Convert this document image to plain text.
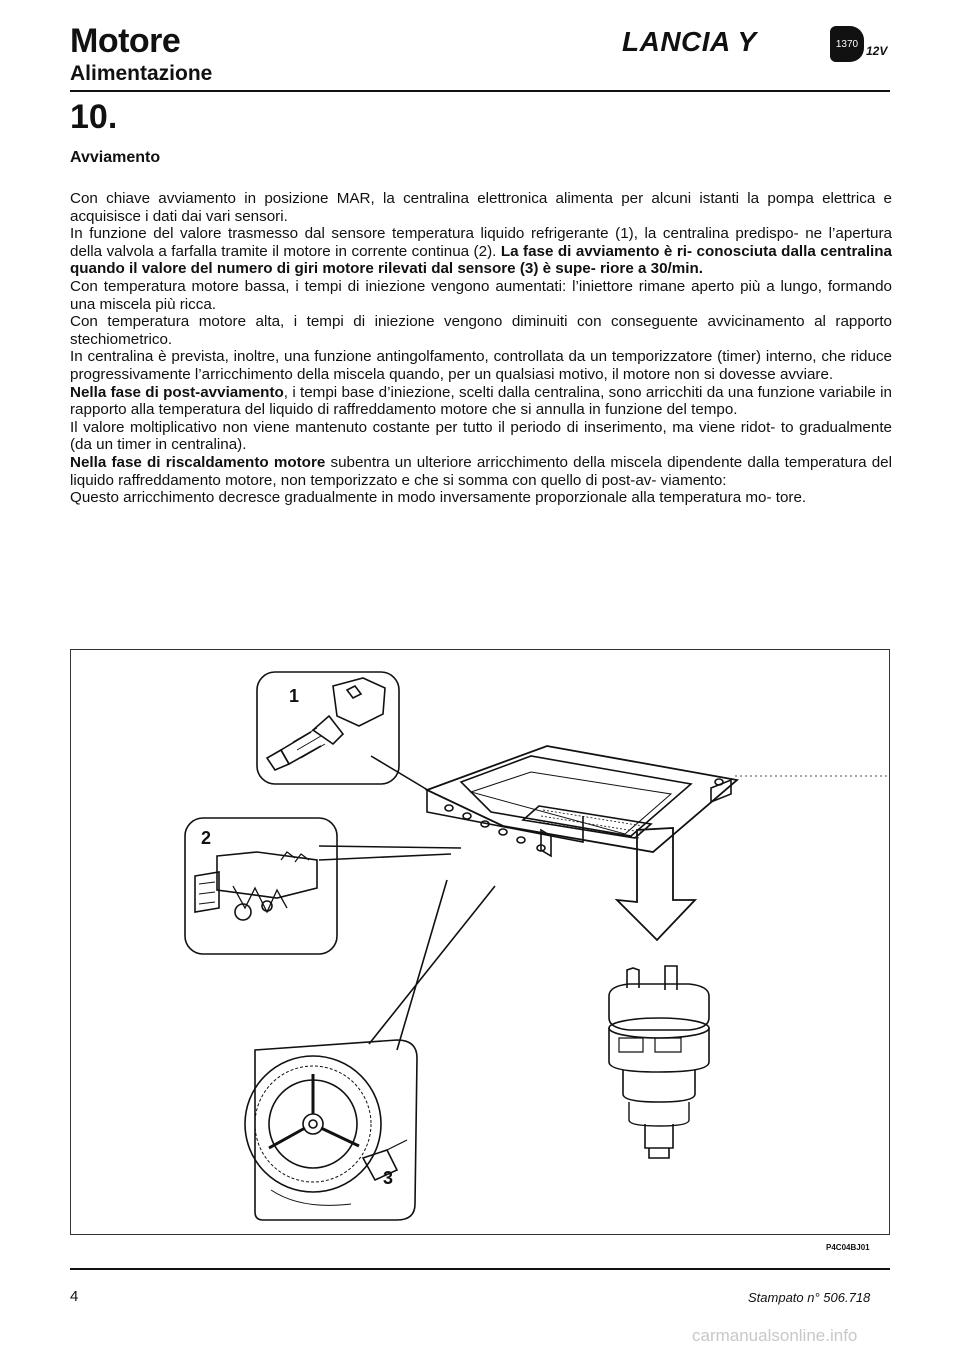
Motore
Alimentazione
LANCIA Y	1370 12V
10.
Avviamento

Con chiave avviamento in posizione MAR, la centralina elettronica alimenta per alcuni istanti la pompa elettrica e acquisisce i dati dai vari sensori.

In funzione del valore trasmesso dal sensore temperatura liquido refrigerante (1), la centralina predispo- ne l’apertura della valvola a farfalla tramite il motore in corrente continua (2). La fase di avviamento è ri- conosciuta dalla centralina quando il valore del numero di giri motore rilevati dal sensore (3) è supe- riore a 30/min.

Con temperatura motore bassa, i tempi di iniezione vengono aumentati: l’iniettore rimane aperto più a lungo, formando una miscela più ricca.

Con temperatura motore alta, i tempi di iniezione vengono diminuiti con conseguente avvicinamento al rapporto stechiometrico.

In centralina è prevista, inoltre, una funzione antingolfamento, controllata da un temporizzatore (timer) interno, che riduce progressivamente l’arricchimento della miscela quando, per un qualsiasi motivo, il motore non si dovesse avviare.

Nella fase di post-avviamento, i tempi base d’iniezione, scelti dalla centralina, sono arricchiti da una funzione variabile in rapporto alla temperatura del liquido di raffreddamento motore che si annulla in funzione del tempo.

Il valore moltiplicativo non viene mantenuto costante per tutto il periodo di inserimento, ma viene ridot- to gradualmente (da un timer in centralina).

Nella fase di riscaldamento motore subentra un ulteriore arricchimento della miscela dipendente dalla temperatura del liquido raffreddamento motore, non temporizzato e che si somma con quello di post-av- viamento:

Questo arricchimento decresce gradualmente in modo inversamente proporzionale alla temperatura mo- tore.

1
2
3
P4C04BJ01
4	Stampato n° 506.718
carmanualsonline.info
